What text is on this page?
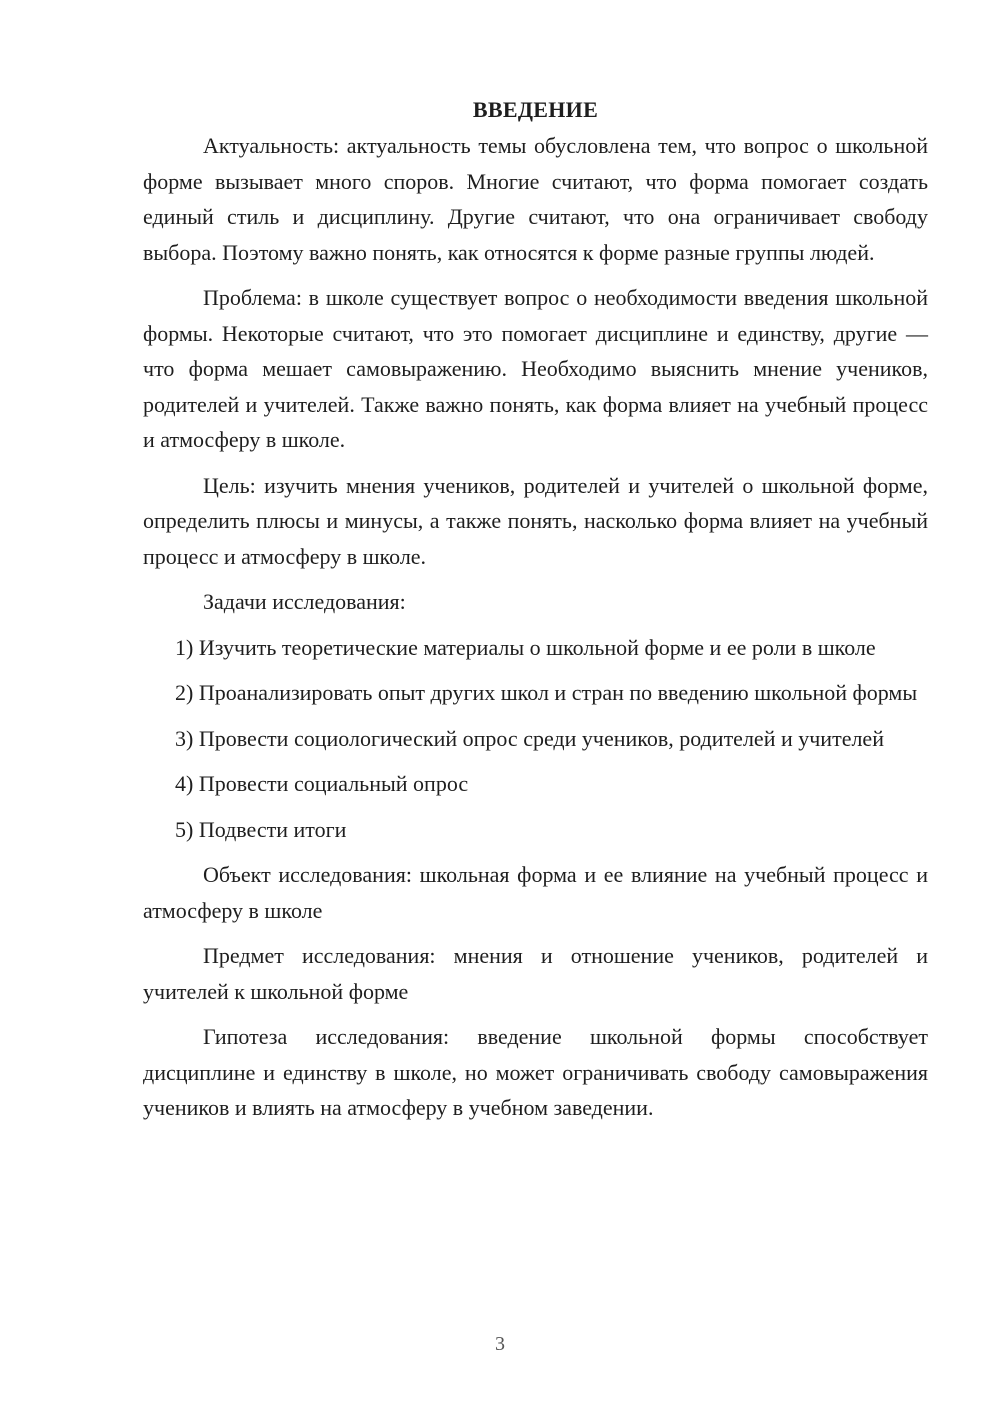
ВВЕДЕНИЕ

Актуальность: актуальность темы обусловлена тем, что вопрос о школьной форме вызывает много споров. Многие считают, что форма помогает создать единый стиль и дисциплину. Другие считают, что она ограничивает свободу выбора. Поэтому важно понять, как относятся к форме разные группы людей.

Проблема: в школе существует вопрос о необходимости введения школьной формы. Некоторые считают, что это помогает дисциплине и единству, другие — что форма мешает самовыражению. Необходимо выяснить мнение учеников, родителей и учителей. Также важно понять, как форма влияет на учебный процесс и атмосферу в школе.

Цель: изучить мнения учеников, родителей и учителей о школьной форме, определить плюсы и минусы, а также понять, насколько форма влияет на учебный процесс и атмосферу в школе.

Задачи исследования:

1) Изучить теоретические материалы о школьной форме и ее роли в школе

2) Проанализировать опыт других школ и стран по введению школьной формы

3) Провести социологический опрос среди учеников, родителей и учителей

4) Провести социальный опрос

5) Подвести итоги

Объект исследования: школьная форма и ее влияние на учебный процесс и атмосферу в школе

Предмет исследования: мнения и отношение учеников, родителей и учителей к школьной форме

Гипотеза исследования: введение школьной формы способствует дисциплине и единству в школе, но может ограничивать свободу самовыражения учеников и влиять на атмосферу в учебном заведении.

3
